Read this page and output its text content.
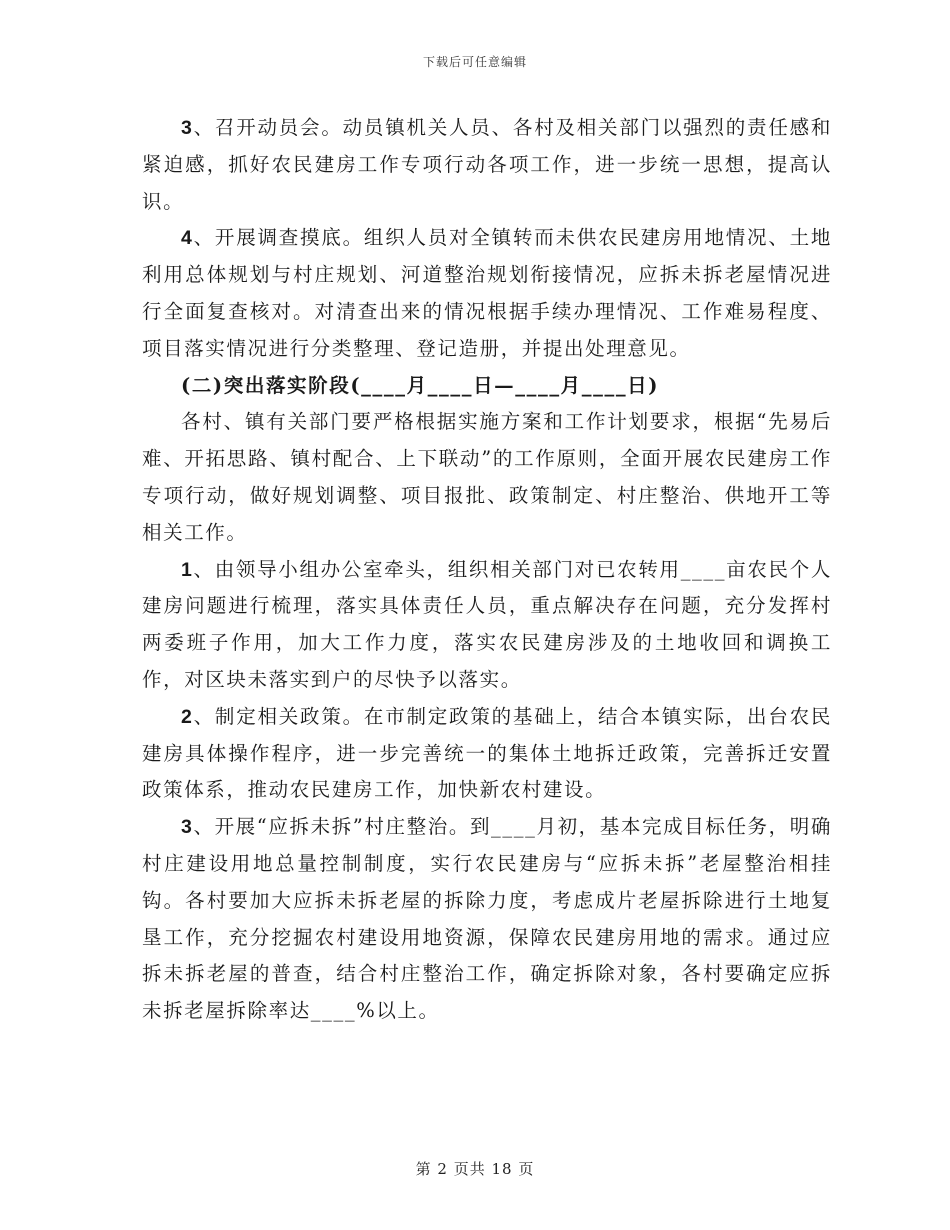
下载后可任意编辑

3、召开动员会。动员镇机关人员、各村及相关部门以强烈的责任感和紧迫感，抓好农民建房工作专项行动各项工作，进一步统一思想，提高认识。

4、开展调查摸底。组织人员对全镇转而未供农民建房用地情况、土地利用总体规划与村庄规划、河道整治规划衔接情况，应拆未拆老屋情况进行全面复查核对。对清查出来的情况根据手续办理情况、工作难易程度、项目落实情况进行分类整理、登记造册，并提出处理意见。

(二)突出落实阶段(____月____日—____月____日)

各村、镇有关部门要严格根据实施方案和工作计划要求，根据“先易后难、开拓思路、镇村配合、上下联动”的工作原则，全面开展农民建房工作专项行动，做好规划调整、项目报批、政策制定、村庄整治、供地开工等相关工作。

1、由领导小组办公室牵头，组织相关部门对已农转用____亩农民个人建房问题进行梳理，落实具体责任人员，重点解决存在问题，充分发挥村两委班子作用，加大工作力度，落实农民建房涉及的土地收回和调换工作，对区块未落实到户的尽快予以落实。

2、制定相关政策。在市制定政策的基础上，结合本镇实际，出台农民建房具体操作程序，进一步完善统一的集体土地拆迁政策，完善拆迁安置政策体系，推动农民建房工作，加快新农村建设。

3、开展“应拆未拆”村庄整治。到____月初，基本完成目标任务，明确村庄建设用地总量控制制度，实行农民建房与“应拆未拆”老屋整治相挂钩。各村要加大应拆未拆老屋的拆除力度，考虑成片老屋拆除进行土地复垦工作，充分挖掘农村建设用地资源，保障农民建房用地的需求。通过应拆未拆老屋的普查，结合村庄整治工作，确定拆除对象，各村要确定应拆未拆老屋拆除率达____%以上。

第 2 页共 18 页
